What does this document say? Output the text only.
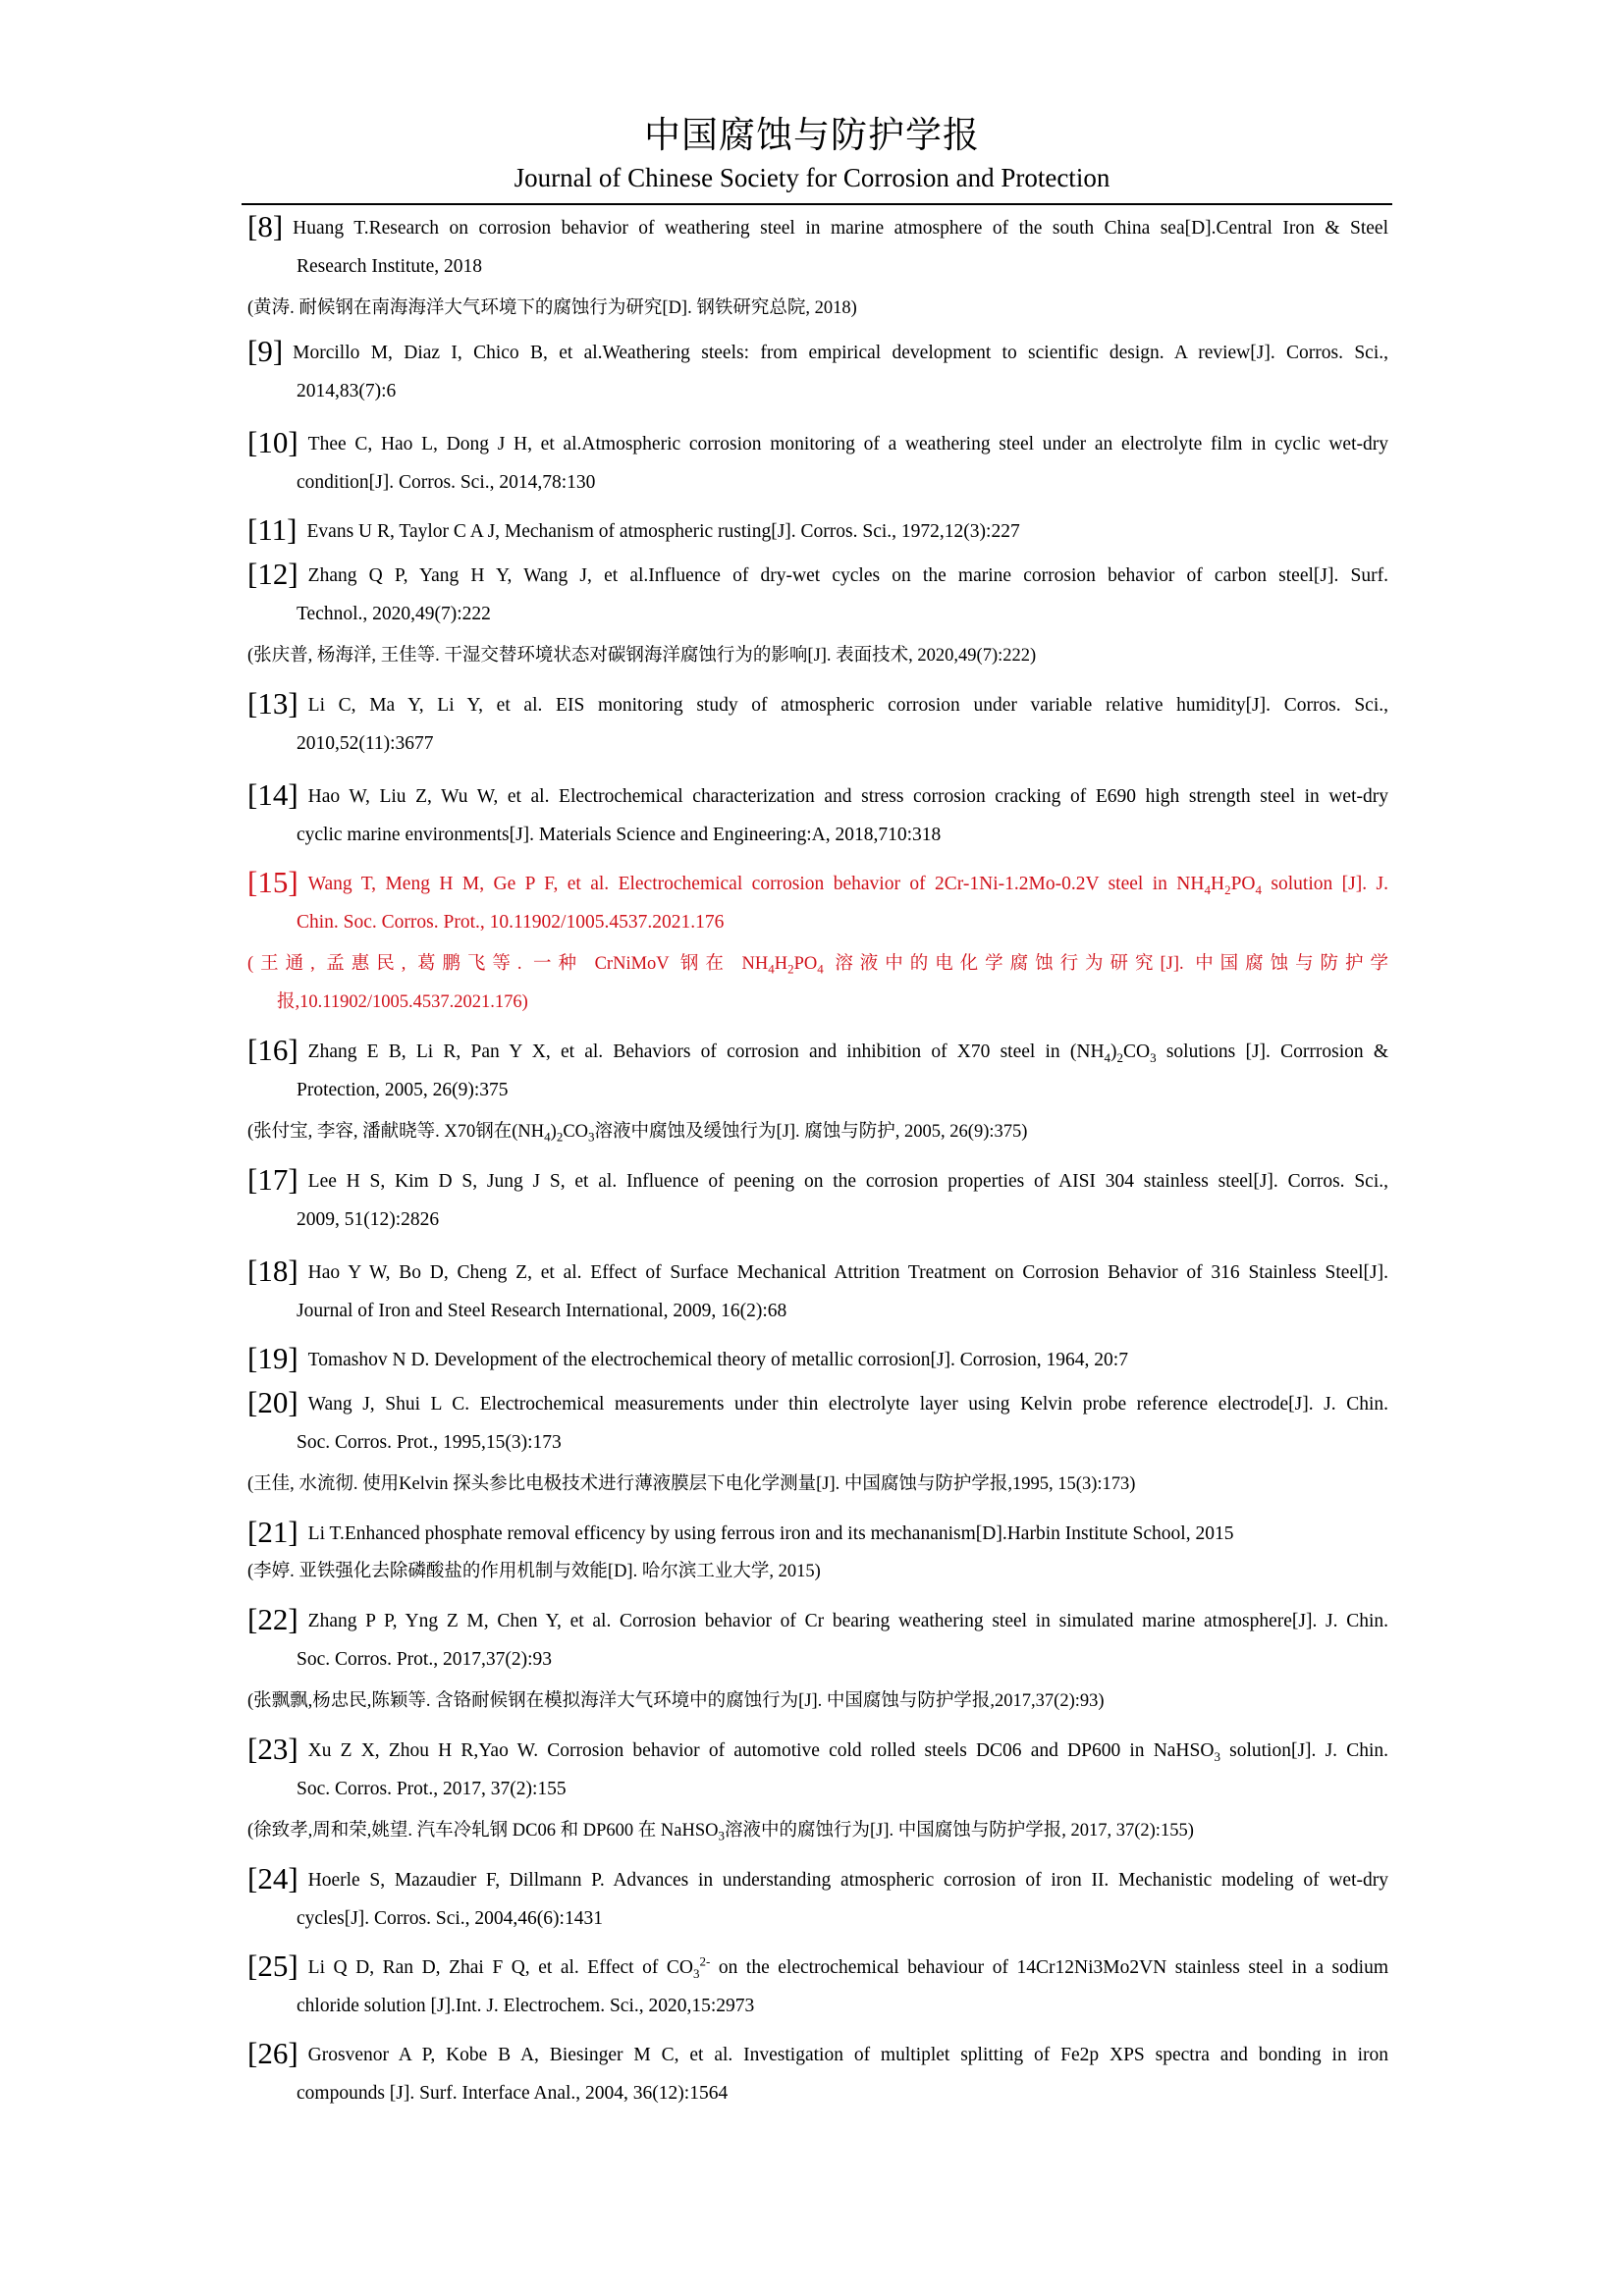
中国腐蚀与防护学报
Journal of Chinese Society for Corrosion and Protection
[8] Huang T.Research on corrosion behavior of weathering steel in marine atmosphere of the south China sea[D].Central Iron & Steel
Research Institute, 2018
(黄涛. 耐候钢在南海海洋大气环境下的腐蚀行为研究[D]. 钢铁研究总院, 2018)
[9] Morcillo M, Diaz I, Chico B, et al.Weathering steels: from empirical development to scientific design. A review[J]. Corros. Sci.,
2014,83(7):6
[10] Thee C, Hao L, Dong J H, et al.Atmospheric corrosion monitoring of a weathering steel under an electrolyte film in cyclic wet-dry
condition[J]. Corros. Sci., 2014,78:130
[11] Evans U R, Taylor C A J, Mechanism of atmospheric rusting[J]. Corros. Sci., 1972,12(3):227
[12] Zhang Q P, Yang H Y, Wang J, et al.Influence of dry-wet cycles on the marine corrosion behavior of carbon steel[J]. Surf.
Technol., 2020,49(7):222
(张庆普, 杨海洋, 王佳等. 干湿交替环境状态对碳钢海洋腐蚀行为的影响[J]. 表面技术, 2020,49(7):222)
[13] Li C, Ma Y, Li Y, et al. EIS monitoring study of atmospheric corrosion under variable relative humidity[J]. Corros. Sci.,
2010,52(11):3677
[14] Hao W, Liu Z, Wu W, et al. Electrochemical characterization and stress corrosion cracking of E690 high strength steel in wet-dry
cyclic marine environments[J]. Materials Science and Engineering:A, 2018,710:318
[15] Wang T, Meng H M, Ge P F, et al. Electrochemical corrosion behavior of 2Cr-1Ni-1.2Mo-0.2V steel in $NH_4H_2PO_4$ solution [J]. J.
Chin. Soc. Corros. Prot., 10.11902/1005.4537.2021.176
(王通, 孟惠民, 葛鹏飞等. 一种 CrNiMoV 钢在 $NH_4H_2PO_4$ 溶液中的电化学腐蚀行为研究[J]. 中国腐蚀与防护学
报,10.11902/1005.4537.2021.176)
[16] Zhang E B, Li R, Pan Y X, et al. Behaviors of corrosion and inhibition of X70 steel in $(NH_4)_2CO_3$ solutions [J]. Corrrosion &
Protection, 2005, 26(9):375
(张付宝, 李容, 潘献晓等. X70钢在$(NH_4)_2CO_3$溶液中腐蚀及缓蚀行为[J]. 腐蚀与防护, 2005, 26(9):375)
[17] Lee H S, Kim D S, Jung J S, et al. Influence of peening on the corrosion properties of AISI 304 stainless steel[J]. Corros. Sci.,
2009, 51(12):2826
[18] Hao Y W, Bo D, Cheng Z, et al. Effect of Surface Mechanical Attrition Treatment on Corrosion Behavior of 316 Stainless Steel[J].
Journal of Iron and Steel Research International, 2009, 16(2):68
[19] Tomashov N D. Development of the electrochemical theory of metallic corrosion[J]. Corrosion, 1964, 20:7
[20] Wang J, Shui L C. Electrochemical measurements under thin electrolyte layer using Kelvin probe reference electrode[J]. J. Chin.
Soc. Corros. Prot., 1995,15(3):173
(王佳, 水流彻. 使用Kelvin 探头参比电极技术进行薄液膜层下电化学测量[J]. 中国腐蚀与防护学报,1995, 15(3):173)
[21] Li T.Enhanced phosphate removal efficency by using ferrous iron and its mechananism[D].Harbin Institute School, 2015
(李婷. 亚铁强化去除磷酸盐的作用机制与效能[D]. 哈尔滨工业大学, 2015)
[22] Zhang P P, Yng Z M, Chen Y, et al. Corrosion behavior of Cr bearing weathering steel in simulated marine atmosphere[J]. J. Chin.
Soc. Corros. Prot., 2017,37(2):93
(张飘飘,杨忠民,陈颖等. 含铬耐候钢在模拟海洋大气环境中的腐蚀行为[J]. 中国腐蚀与防护学报,2017,37(2):93)
[23] Xu Z X, Zhou H R,Yao W. Corrosion behavior of automotive cold rolled steels DC06 and DP600 in NaHSO$_3$ solution[J]. J. Chin.
Soc. Corros. Prot., 2017, 37(2):155
(徐致孝,周和荣,姚望. 汽车冷轧钢 DC06 和 DP600 在 NaHSO$_3$溶液中的腐蚀行为[J]. 中国腐蚀与防护学报, 2017, 37(2):155)
[24] Hoerle S, Mazaudier F, Dillmann P. Advances in understanding atmospheric corrosion of iron II. Mechanistic modeling of wet-dry
cycles[J]. Corros. Sci., 2004,46(6):1431
[25] Li Q D, Ran D, Zhai F Q, et al. Effect of $CO_3^{2-}$ on the electrochemical behaviour of 14Cr12Ni3Mo2VN stainless steel in a sodium
chloride solution [J].Int. J. Electrochem. Sci., 2020,15:2973
[26] Grosvenor A P, Kobe B A, Biesinger M C, et al. Investigation of multiplet splitting of Fe2p XPS spectra and bonding in iron
compounds [J]. Surf. Interface Anal., 2004, 36(12):1564
